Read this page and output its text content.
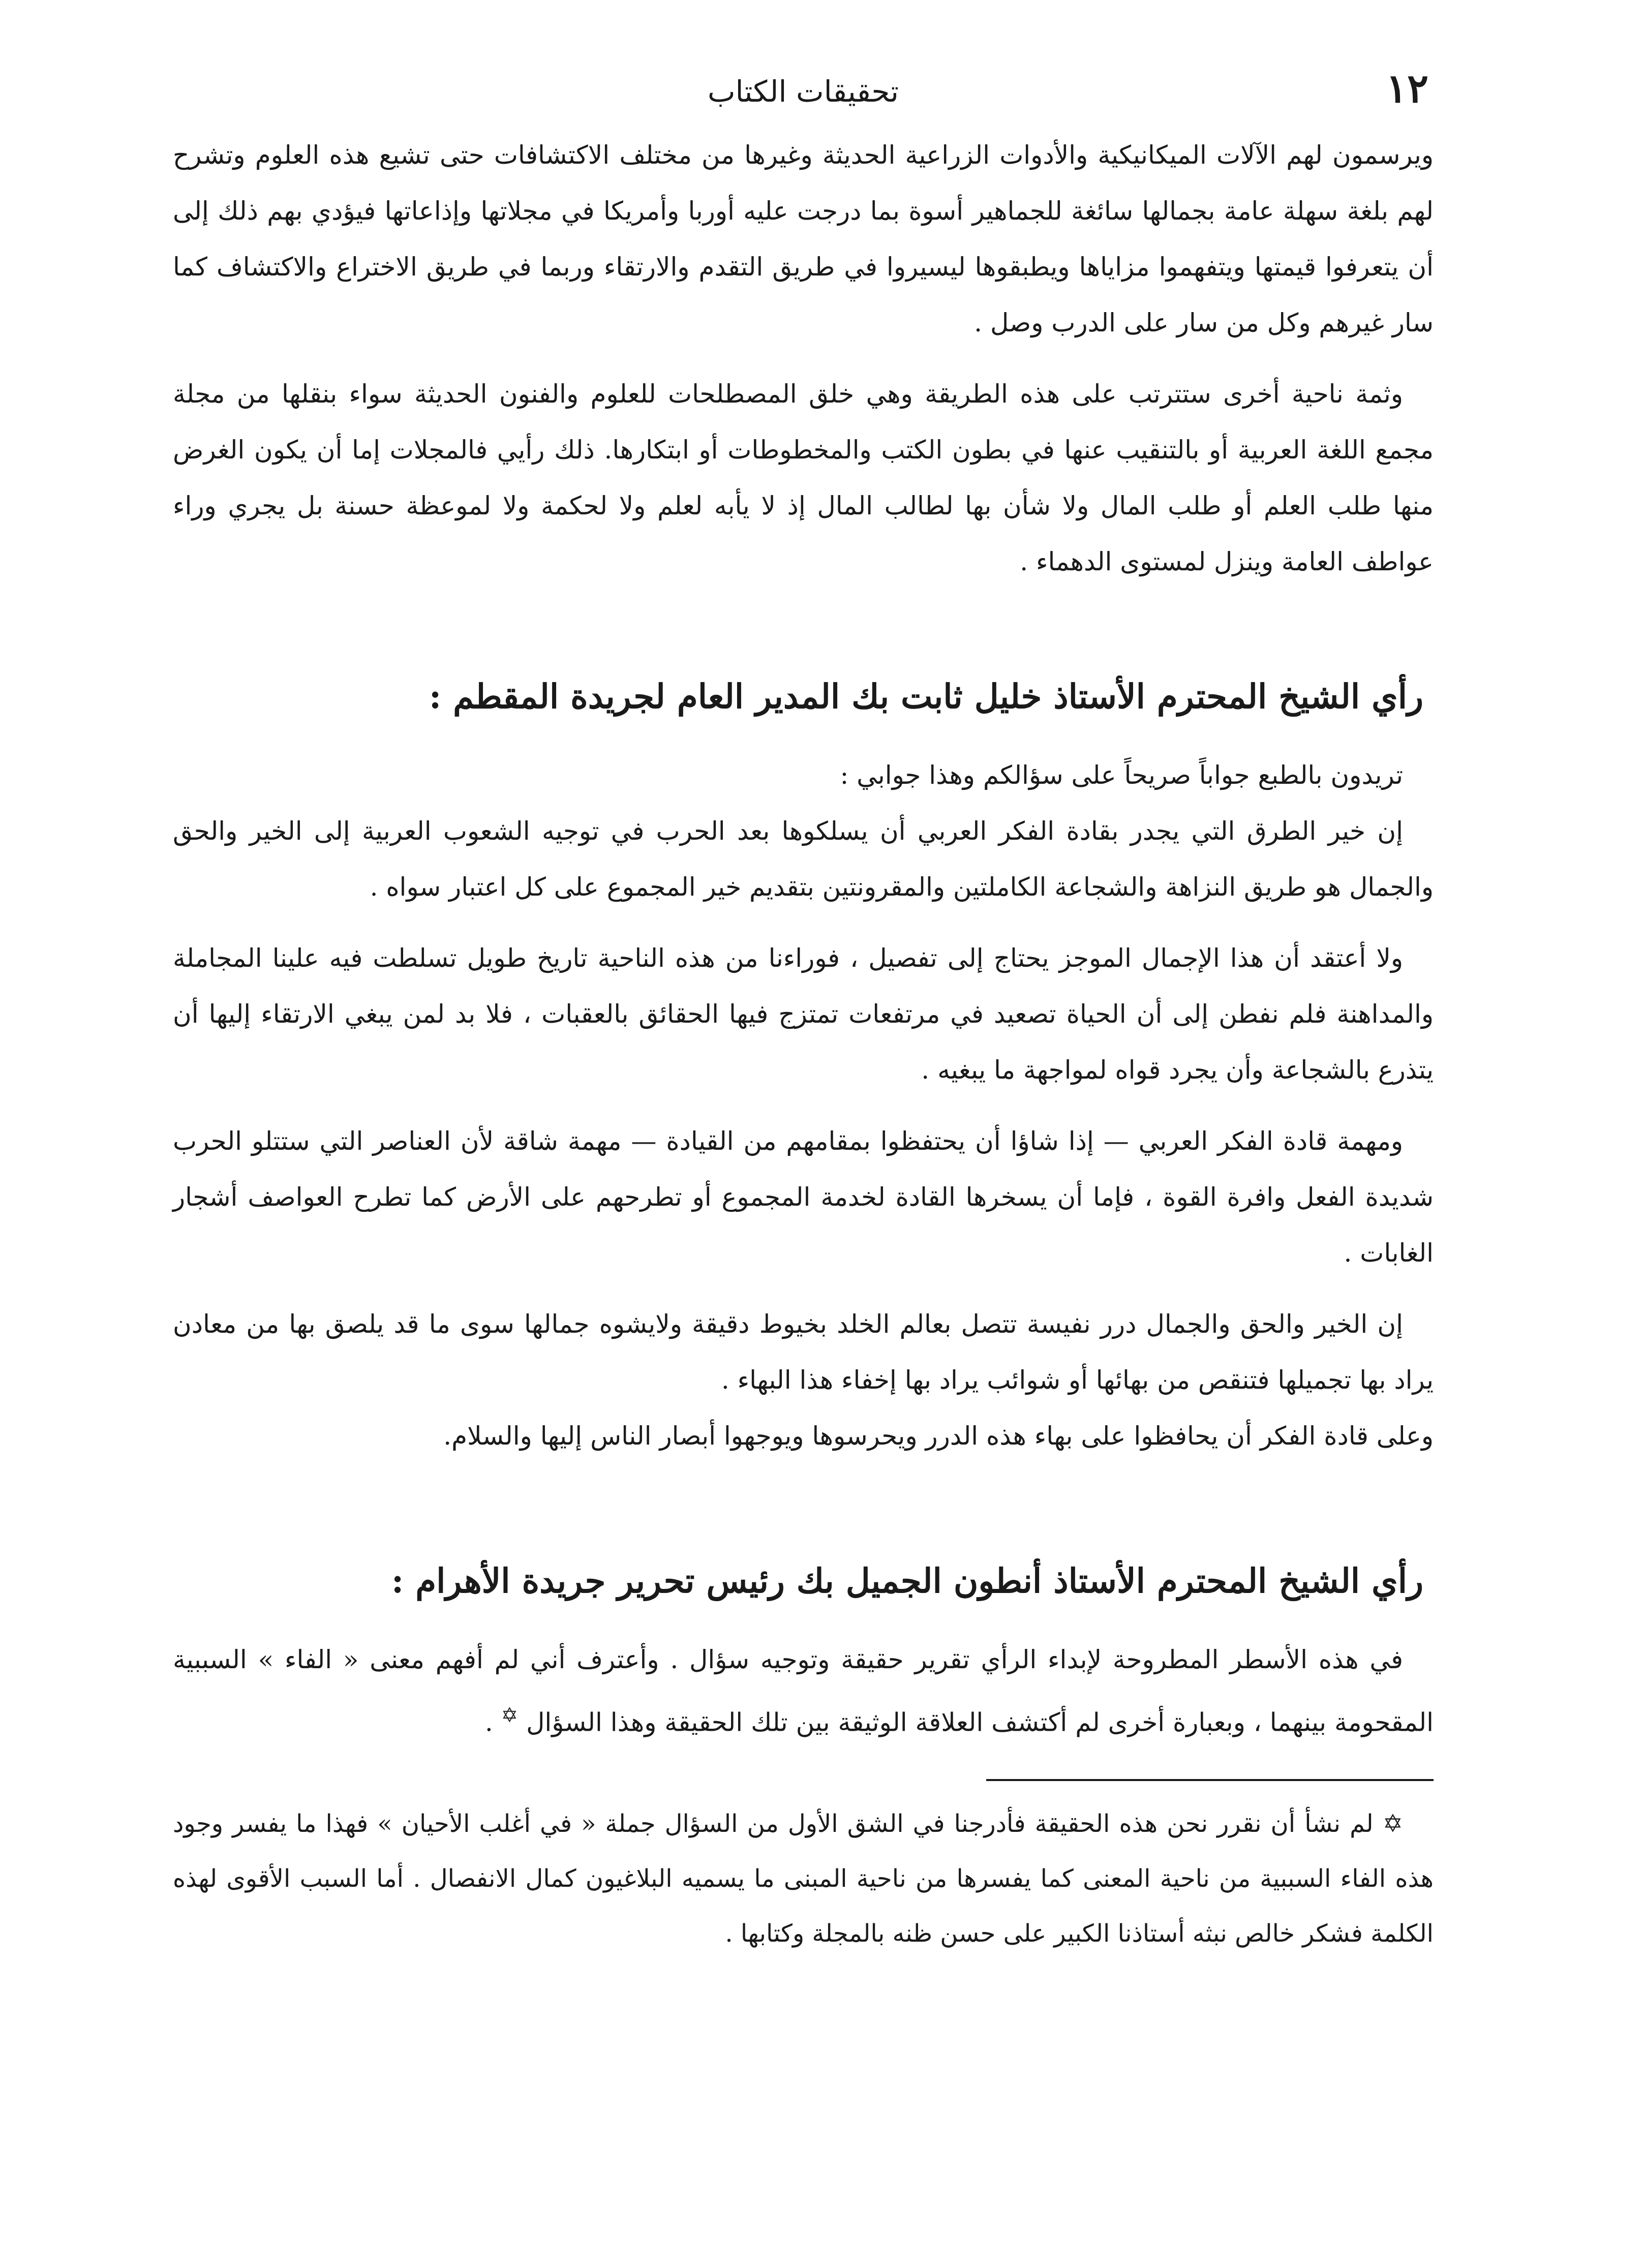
١٢
تحقيقات الكتاب

ويرسمون لهم الآلات الميكانيكية والأدوات الزراعية الحديثة وغيرها من مختلف الاكتشافات حتى تشيع هذه العلوم وتشرح لهم بلغة سهلة عامة بجمالها سائغة للجماهير أسوة بما درجت عليه أوربا وأمريكا في مجلاتها وإذاعاتها فيؤدي بهم ذلك إلى أن يتعرفوا قيمتها ويتفهموا مزاياها ويطبقوها ليسيروا في طريق التقدم والارتقاء وربما في طريق الاختراع والاكتشاف كما سار غيرهم وكل من سار على الدرب وصل .

وثمة ناحية أخرى ستترتب على هذه الطريقة وهي خلق المصطلحات للعلوم والفنون الحديثة سواء بنقلها من مجلة مجمع اللغة العربية أو بالتنقيب عنها في بطون الكتب والمخطوطات أو ابتكارها. ذلك رأيي فالمجلات إما أن يكون الغرض منها طلب العلم أو طلب المال ولا شأن بها لطالب المال إذ لا يأبه لعلم ولا لحكمة ولا لموعظة حسنة بل يجري وراء عواطف العامة وينزل لمستوى الدهماء .

رأي الشيخ المحترم الأستاذ خليل ثابت بك المدير العام لجريدة المقطم :

تريدون بالطبع جواباً صريحاً على سؤالكم وهذا جوابي :

إن خير الطرق التي يجدر بقادة الفكر العربي أن يسلكوها بعد الحرب في توجيه الشعوب العربية إلى الخير والحق والجمال هو طريق النزاهة والشجاعة الكاملتين والمقرونتين بتقديم خير المجموع على كل اعتبار سواه .

ولا أعتقد أن هذا الإجمال الموجز يحتاج إلى تفصيل ، فوراءنا من هذه الناحية تاريخ طويل تسلطت فيه علينا المجاملة والمداهنة فلم نفطن إلى أن الحياة تصعيد في مرتفعات تمتزج فيها الحقائق بالعقبات ، فلا بد لمن يبغي الارتقاء إليها أن يتذرع بالشجاعة وأن يجرد قواه لمواجهة ما يبغيه .

ومهمة قادة الفكر العربي — إذا شاؤا أن يحتفظوا بمقامهم من القيادة — مهمة شاقة لأن العناصر التي ستتلو الحرب شديدة الفعل وافرة القوة ، فإما أن يسخرها القادة لخدمة المجموع أو تطرحهم على الأرض كما تطرح العواصف أشجار الغابات .

إن الخير والحق والجمال درر نفيسة تتصل بعالم الخلد بخيوط دقيقة ولايشوه جمالها سوى ما قد يلصق بها من معادن يراد بها تجميلها فتنقص من بهائها أو شوائب يراد بها إخفاء هذا البهاء .

وعلى قادة الفكر أن يحافظوا على بهاء هذه الدرر ويحرسوها ويوجهوا أبصار الناس إليها والسلام.

رأي الشيخ المحترم الأستاذ أنطون الجميل بك رئيس تحرير جريدة الأهرام :

في هذه الأسطر المطروحة لإبداء الرأي تقرير حقيقة وتوجيه سؤال . وأعترف أني لم أفهم معنى « الفاء » السببية المقحومة بينهما ، وبعبارة أخرى لم أكتشف العلاقة الوثيقة بين تلك الحقيقة وهذا السؤال ✡ .

✡ لم نشأ أن نقرر نحن هذه الحقيقة فأدرجنا في الشق الأول من السؤال جملة « في أغلب الأحيان » فهذا ما يفسر وجود هذه الفاء السببية من ناحية المعنى كما يفسرها من ناحية المبنى ما يسميه البلاغيون كمال الانفصال . أما السبب الأقوى لهذه الكلمة فشكر خالص نبثه أستاذنا الكبير على حسن ظنه بالمجلة وكتابها .
